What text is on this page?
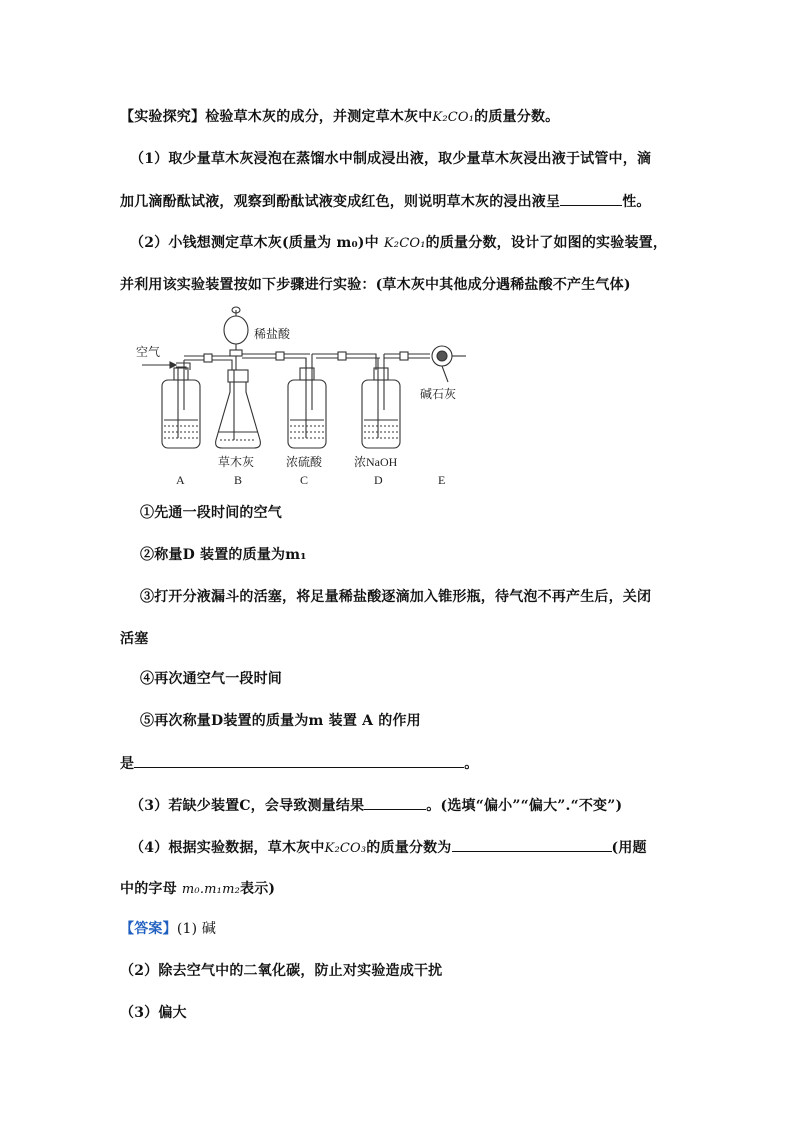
【实验探究】检验草木灰的成分，并测定草木灰中K₂CO₁的质量分数。
（1）取少量草木灰浸泡在蒸馏水中制成浸出液，取少量草木灰浸出液于试管中，滴
加几滴酚酞试液，观察到酚酞试液变成红色，则说明草木灰的浸出液呈	性。
（2）小钱想测定草木灰(质量为 m₀)中 K₂CO₁的质量分数，设计了如图的实验装置，
并利用该实验装置按如下步骤进行实验：(草木灰中其他成分遇稀盐酸不产生气体)
空气
稀盐酸
碱石灰
草木灰	浓硫酸	浓NaOH
A	B	C	D	E
①先通一段时间的空气
②称量D 装置的质量为m₁
③打开分液漏斗的活塞，将足量稀盐酸逐滴加入锥形瓶，待气泡不再产生后，关闭
活塞
④再次通空气一段时间
⑤再次称量D装置的质量为m 装置 A 的作用
是	。
（3）若缺少装置C，会导致测量结果	。(选填“偏小”“偏大”.“不变”)
（4）根据实验数据，草木灰中K₂CO₃的质量分数为	(用题
中的字母 m₀.m₁m₂表示)
【答案】(1) 碱
（2）除去空气中的二氧化碳，防止对实验造成干扰
（3）偏大
